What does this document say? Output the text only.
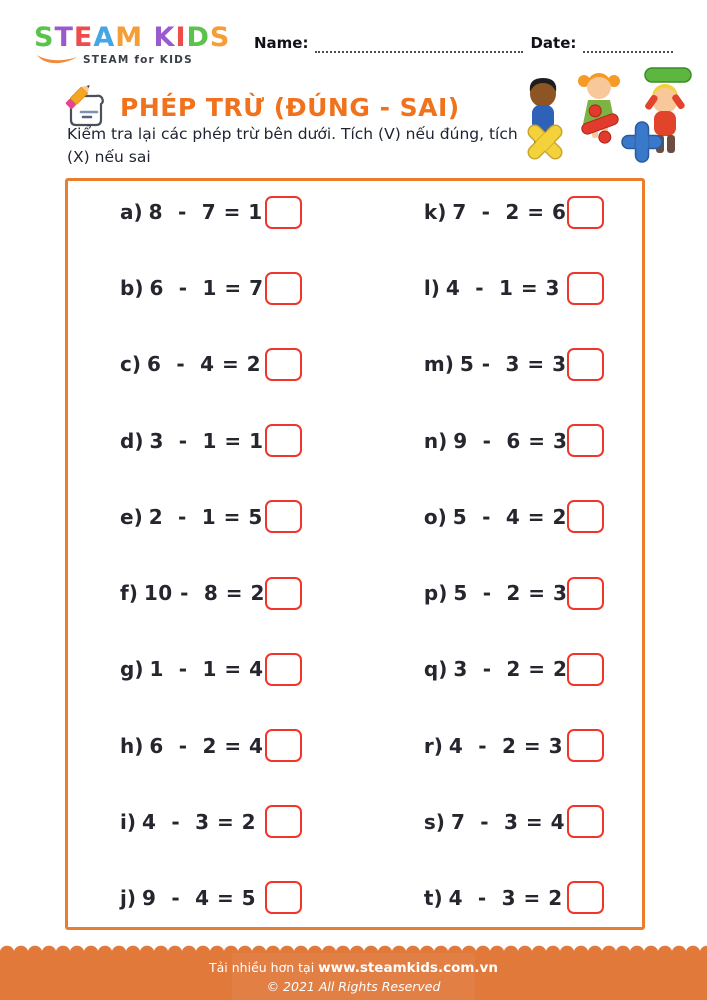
STEAM KIDS
STEAM for KIDS
Name:	Date:
PHÉP TRỪ (ĐÚNG - SAI)
Kiểm tra lại các phép trừ bên dưới. Tích (V) nếu đúng, tích (X) nếu sai
a) 8  -  7 = 1
b) 6  -  1 = 7
c) 6  -  4 = 2
d) 3  -  1 = 1
e) 2  -  1 = 5
f) 10 -  8 = 2
g) 1  -  1 = 4
h) 6  -  2 = 4
i) 4  -  3 = 2
j) 9  -  4 = 5
k) 7  -  2 = 6
l) 4  -  1 = 3
m) 5 -  3 = 3
n) 9  -  6 = 3
o) 5  -  4 = 2
p) 5  -  2 = 3
q) 3  -  2 = 2
r) 4  -  2 = 3
s) 7  -  3 = 4
t) 4  -  3 = 2
Tải nhiều hơn tại www.steamkids.com.vn
© 2021 All Rights Reserved
